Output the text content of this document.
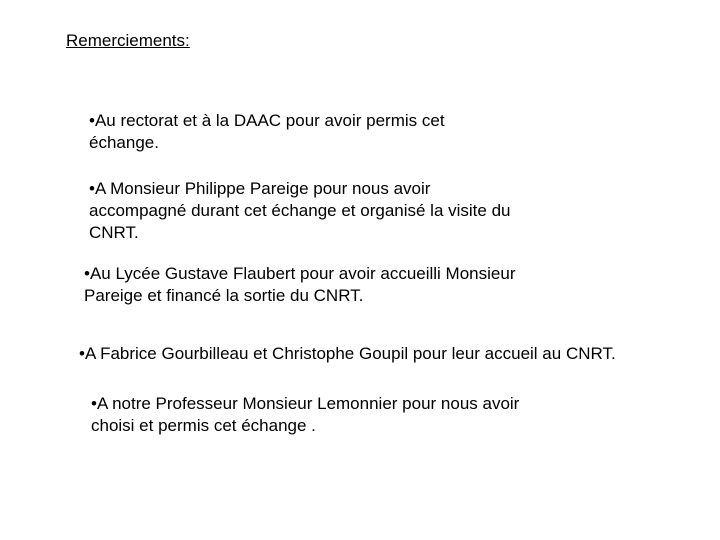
Remerciements:
•Au rectorat et à la DAAC pour avoir permis cet
échange.
•A Monsieur Philippe Pareige pour nous avoir
accompagné durant cet échange et organisé la visite du
CNRT.
•Au Lycée Gustave Flaubert pour avoir accueilli Monsieur
Pareige et financé la sortie du CNRT.
•A Fabrice Gourbilleau et Christophe Goupil pour leur accueil au CNRT.
•A notre Professeur Monsieur Lemonnier pour nous avoir
choisi et permis cet échange .
